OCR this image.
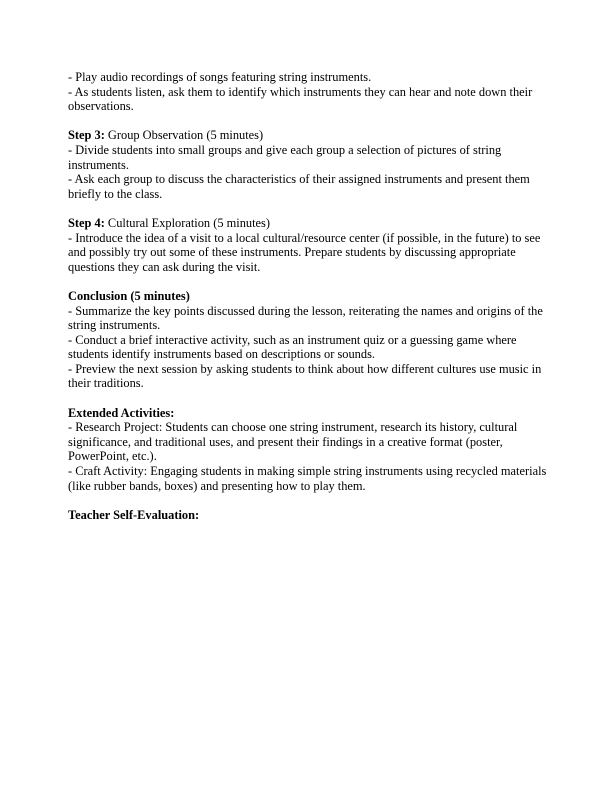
- Play audio recordings of songs featuring string instruments.
- As students listen, ask them to identify which instruments they can hear and note down their
observations.
Step 3: Group Observation (5 minutes)
- Divide students into small groups and give each group a selection of pictures of string
instruments.
- Ask each group to discuss the characteristics of their assigned instruments and present them
briefly to the class.
Step 4: Cultural Exploration (5 minutes)
- Introduce the idea of a visit to a local cultural/resource center (if possible, in the future) to see
and possibly try out some of these instruments. Prepare students by discussing appropriate
questions they can ask during the visit.
Conclusion (5 minutes)
- Summarize the key points discussed during the lesson, reiterating the names and origins of the
string instruments.
- Conduct a brief interactive activity, such as an instrument quiz or a guessing game where
students identify instruments based on descriptions or sounds.
- Preview the next session by asking students to think about how different cultures use music in
their traditions.
Extended Activities:
- Research Project: Students can choose one string instrument, research its history, cultural
significance, and traditional uses, and present their findings in a creative format (poster,
PowerPoint, etc.).
- Craft Activity: Engaging students in making simple string instruments using recycled materials
(like rubber bands, boxes) and presenting how to play them.
Teacher Self-Evaluation:
